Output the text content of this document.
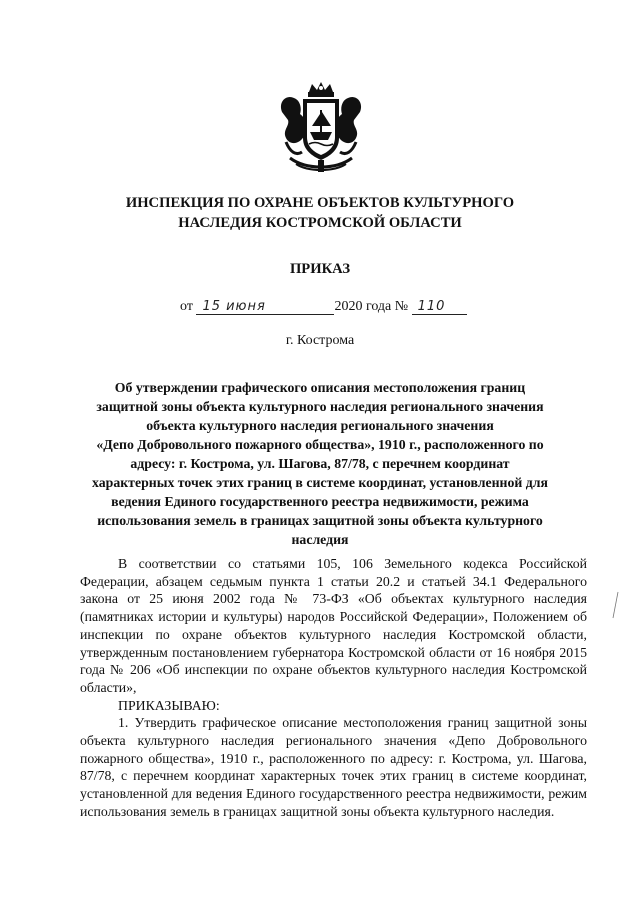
ИНСПЕКЦИЯ ПО ОХРАНЕ ОБЪЕКТОВ КУЛЬТУРНОГО
НАСЛЕДИЯ КОСТРОМСКОЙ ОБЛАСТИ
ПРИКАЗ
от 15 июня	2020 года № 110
г. Кострома
Об утверждении графического описания местоположения границ
защитной зоны объекта культурного наследия регионального значения
объекта культурного наследия регионального значения
«Депо Добровольного пожарного общества», 1910 г., расположенного по
адресу: г. Кострома, ул. Шагова, 87/78, с перечнем координат
характерных точек этих границ в системе координат, установленной для
ведения Единого государственного реестра недвижимости, режима
использования земель в границах защитной зоны объекта культурного
наследия

В соответствии со статьями 105, 106 Земельного кодекса Российской Федерации, абзацем седьмым пункта 1 статьи 20.2 и статьей 34.1 Федерального закона от 25 июня 2002 года № 73-ФЗ «Об объектах культурного наследия (памятниках истории и культуры) народов Российской Федерации», Положением об инспекции по охране объектов культурного наследия Костромской области, утвержденным постановлением губернатора Костромской области от 16 ноября 2015 года № 206 «Об инспекции по охране объектов культурного наследия Костромской области»,

ПРИКАЗЫВАЮ:

1. Утвердить графическое описание местоположения границ защитной зоны объекта культурного наследия регионального значения «Депо Добровольного пожарного общества», 1910 г., расположенного по адресу: г. Кострома, ул. Шагова, 87/78, с перечнем координат характерных точек этих границ в системе координат, установленной для ведения Единого государственного реестра недвижимости, режим использования земель в границах защитной зоны объекта культурного наследия.
